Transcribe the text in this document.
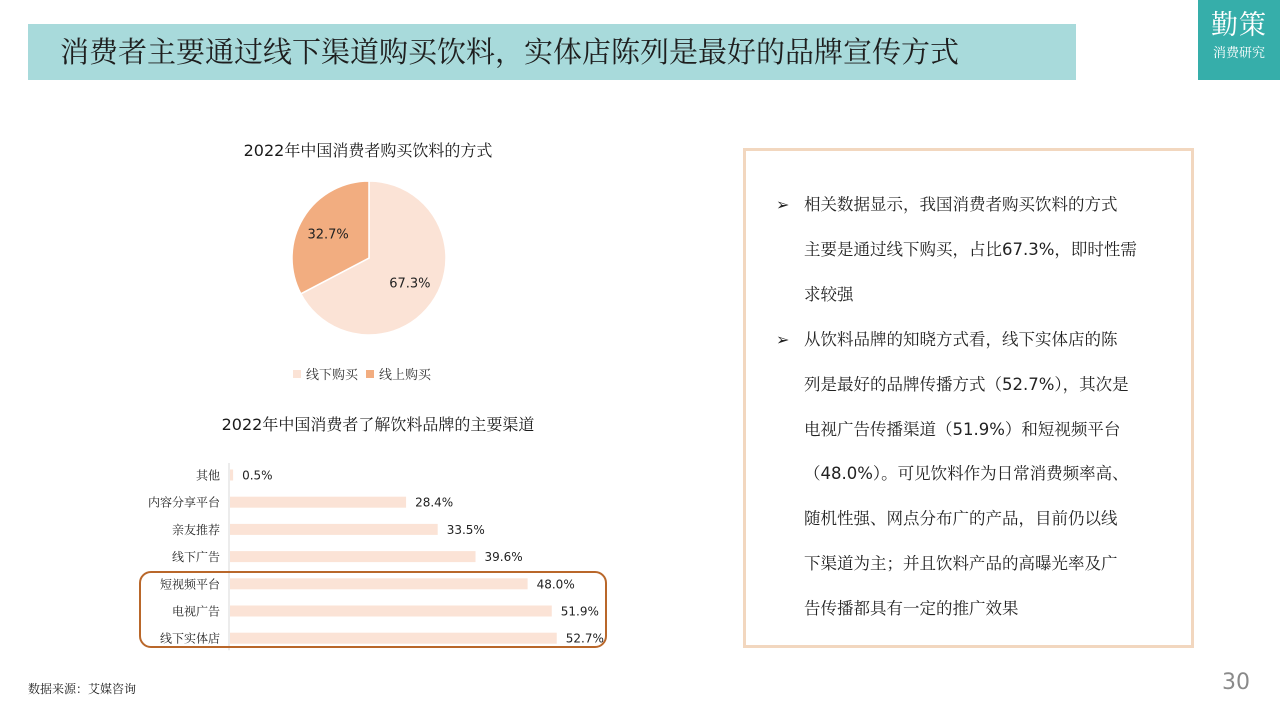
消费者主要通过线下渠道购买饮料，实体店陈列是最好的品牌宣传方式
勤策
消费研究
2022年中国消费者购买饮料的方式
67.3%
32.7%
其他 0.5%
内容分享平台	28.4%
亲友推荐	33.5%
线下广告	39.6%
短视频平台	48.0%
电视广告	51.9%
线下实体店	52.7%
线下购买 线上购买
2022年中国消费者了解饮料品牌的主要渠道
➢ 相关数据显示，我国消费者购买饮料的方式
主要是通过线下购买，占比67.3%，即时性需
求较强
➢ 从饮料品牌的知晓方式看，线下实体店的陈
列是最好的品牌传播方式（52.7%），其次是
电视广告传播渠道（51.9%）和短视频平台
（48.0%）。可见饮料作为日常消费频率高、
随机性强、网点分布广的产品，目前仍以线
下渠道为主；并且饮料产品的高曝光率及广
告传播都具有一定的推广效果
数据来源：艾媒咨询	30
